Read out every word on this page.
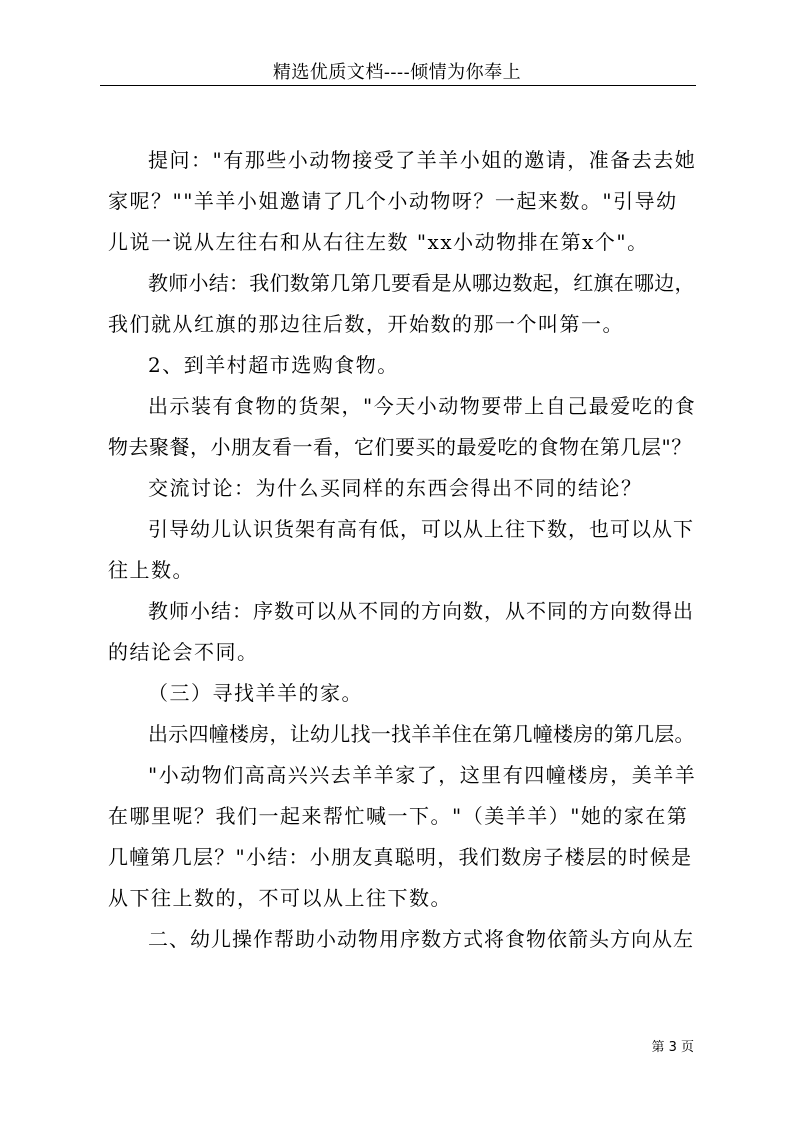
精选优质文档----倾情为你奉上

提问："有那些小动物接受了羊羊小姐的邀请，准备去去她
家呢？""羊羊小姐邀请了几个小动物呀？一起来数。"引导幼
儿说一说从左往右和从右往左数 "xx小动物排在第x个"。

教师小结：我们数第几第几要看是从哪边数起，红旗在哪边，
我们就从红旗的那边往后数，开始数的那一个叫第一。

2、到羊村超市选购食物。

出示装有食物的货架，"今天小动物要带上自己最爱吃的食
物去聚餐，小朋友看一看，它们要买的最爱吃的食物在第几层"？

交流讨论：为什么买同样的东西会得出不同的结论？

引导幼儿认识货架有高有低，可以从上往下数，也可以从下
往上数。

教师小结：序数可以从不同的方向数，从不同的方向数得出
的结论会不同。

（三）寻找羊羊的家。

出示四幢楼房，让幼儿找一找羊羊住在第几幢楼房的第几层。

"小动物们高高兴兴去羊羊家了，这里有四幢楼房，美羊羊
在哪里呢？我们一起来帮忙喊一下。"（美羊羊）"她的家在第
几幢第几层？"小结：小朋友真聪明，我们数房子楼层的时候是
从下往上数的，不可以从上往下数。

二、幼儿操作帮助小动物用序数方式将食物依箭头方向从左

第 3 页
